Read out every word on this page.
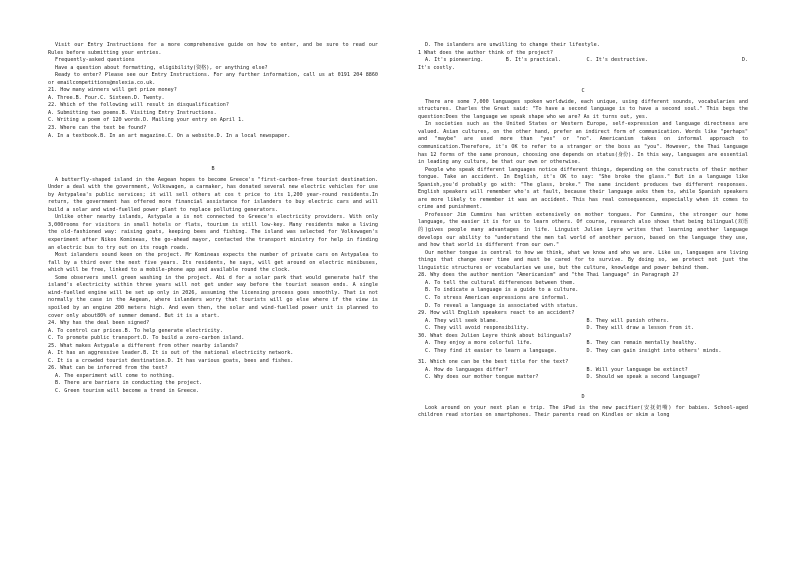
Visit our Entry Instructions for a more comprehensive guide on how to enter, and be sure to read our Rules before submitting your entries.

Frequently-asked questions

Have a question about formatting, eligibility(资格), or anything else?

Ready to enter? Please see our Entry Instructions. For any further information, call us at 0191 204 8860 or emailcompetitions@mslexia.co.uk.

21. How many winners will get prize money?

A. Three.B. Four.C. Sixteen.D. Twenty.

22. Which of the following will result in disqualification?

A. Submitting two poems.B. Visiting Entry Instructions.

C. Writing a poem of 120 words.D. Mailing your entry on April 1.

23. Where can the text be found?

A. In a textbook.B. In an art magazine.C. On a website.D. In a local newspaper.

B

A butterfly-shaped island in the Aegean hopes to become Greece's "first-carbon-free tourist destination. Under a deal with the government, Volkswagen, a carmaker, has donated several new electric vehicles for use by Astypalea's public services; it will sell others at cos t price to its 1,200 year-round residents.In return, the government has offered more financial assistance for islanders to buy electric cars and will build a solar and wind-fuelled power plant to replace polluting generators.

Unlike other nearby islands, Astypale a is not connected to Greece's electricity providers. With only 3,000rooms for visitors in small hotels or flats, tourism is still low-key. Many residents make a living the old-fashioned way: raising goats, keeping bees and fishing. The island was selected for Volkswagen's experiment after Nikos Komineas, the go-ahead mayor, contacted the transport ministry for help in finding an electric bus to try out on its rough roads.

Most islanders sound keen on the project. Mr Komineas expects the number of private cars on Astypalea to fall by a third over the next five years. Its residents, he says, will get around on electric minibuses, which will be free, linked to a mobile-phone app and available round the clock.

Some observers smell green washing in the project. Abi d for a solar park that would generate half the island's electricity within three years will not get under way before the tourist season ends. A single wind-fuelled engine will be set up only in 2026, assuming the licensing process goes smoothly. That is not normally the case in the Aegean, where islanders worry that tourists will go else where if the view is spoiled by an engine 200 meters high. And even then, the solar and wind-fuelled power unit is planned to cover only about80% of summer demand. But it is a start.

24. Why has the deal been signed?

A. To control car prices.B. To help generate electricity.

C. To promote public transport.D. To build a zero-carbon island.

25. What makes Astypale a different from other nearby islands?

A. It has an aggressive leader.B. It is out of the national electricity network.

C. It is a crowded tourist destination.D. It has various goats, bees and fishes.

26. What can be inferred from the text?

A. The experiment will come to nothing.

B. There are barriers in conducting the project.

C. Green tourism will become a trend in Greece.

D. The islanders are unwilling to change their lifestyle.

1 What does the author think of the project?

A. It's pioneering.	B. It's practical.	C. It's destructive.	D.

It's costly.

C

There are some 7,000 languages spoken worldwide, each unique, using different sounds, vocabularies and structures. Charles the Great said: "To have a second language is to have a second soul." This begs the question:Does the language we speak shape who we are? As it turns out, yes.

In societies such as the United States or Western Europe, self-expression and language directness are valued. Asian cultures, on the other hand, prefer an indirect form of communication. Words like "perhaps" and "maybe" are used more than "yes" or "no". Americanism takes on informal approach to communication.Therefore, it's OK to refer to a stranger or the boss as "you". However, the Thai language has 12 forms of the same pronoun, choosing one depends on status(身份). In this way, languages are essential in leading any culture, be that our own or otherwise.

People who speak different languages notice different things, depending on the constructs of their mother tongue. Take an accident. In English, it's OK to say: "She broke the glass." But in a language like Spanish,you'd probably go with: "The glass, broke." The same incident produces two different responses. English speakers will remember who's at fault, because their language asks them to, while Spanish speakers are more likely to remember it was an accident. This has real consequences, especially when it comes to crime and punishment.

Professor Jim Cummins has written extensively on mother tongues. For Cummins, the stronger our home language, the easier it is for us to learn others. Of course, research also shows that being bilingual(双语的)gives people many advantages in life. Linguist Julien Leyre writes that learning another language develops our ability to "understand the men tal world of another person, based on the language they use, and how that world is different from our own."

Our mother tongue is central to how we think, what we know and who we are. Like us, languages are living things that change over time and must be cared for to survive. By doing so, we protect not just the linguistic structures or vocabularies we use, but the culture, knowledge and power behind them.

28. Why does the author mention "Americanism" and "the Thai language" in Paragraph 2?

A. To tell the cultural differences between them.

B. To indicate a language is a guide to a culture.

C. To stress American expressions are informal.

D. To reveal a language is associated with status.

29. How will English speakers react to an accident?

A. They will seek blame.	B. They will punish others.
C. They will avoid responsibility.	D. They will draw a lesson from it.

30. What does Julien Leyre think about bilinguals?

A. They enjoy a more colorful life.	B. They can remain mentally healthy.
C. They find it easier to learn a language.	D. They can gain insight into others' minds.

31. Which one can be the best title for the text?

A. How do languages differ?	B. Will your language be extinct?
C. Why does our mother tongue matter?	D. Should we speak a second language?

D

Look around on your next plan e trip. The iPad is the new pacifier(安抚奶嘴) for babies. School-aged children read stories on smartphones. Their parents read on Kindles or skim a long
